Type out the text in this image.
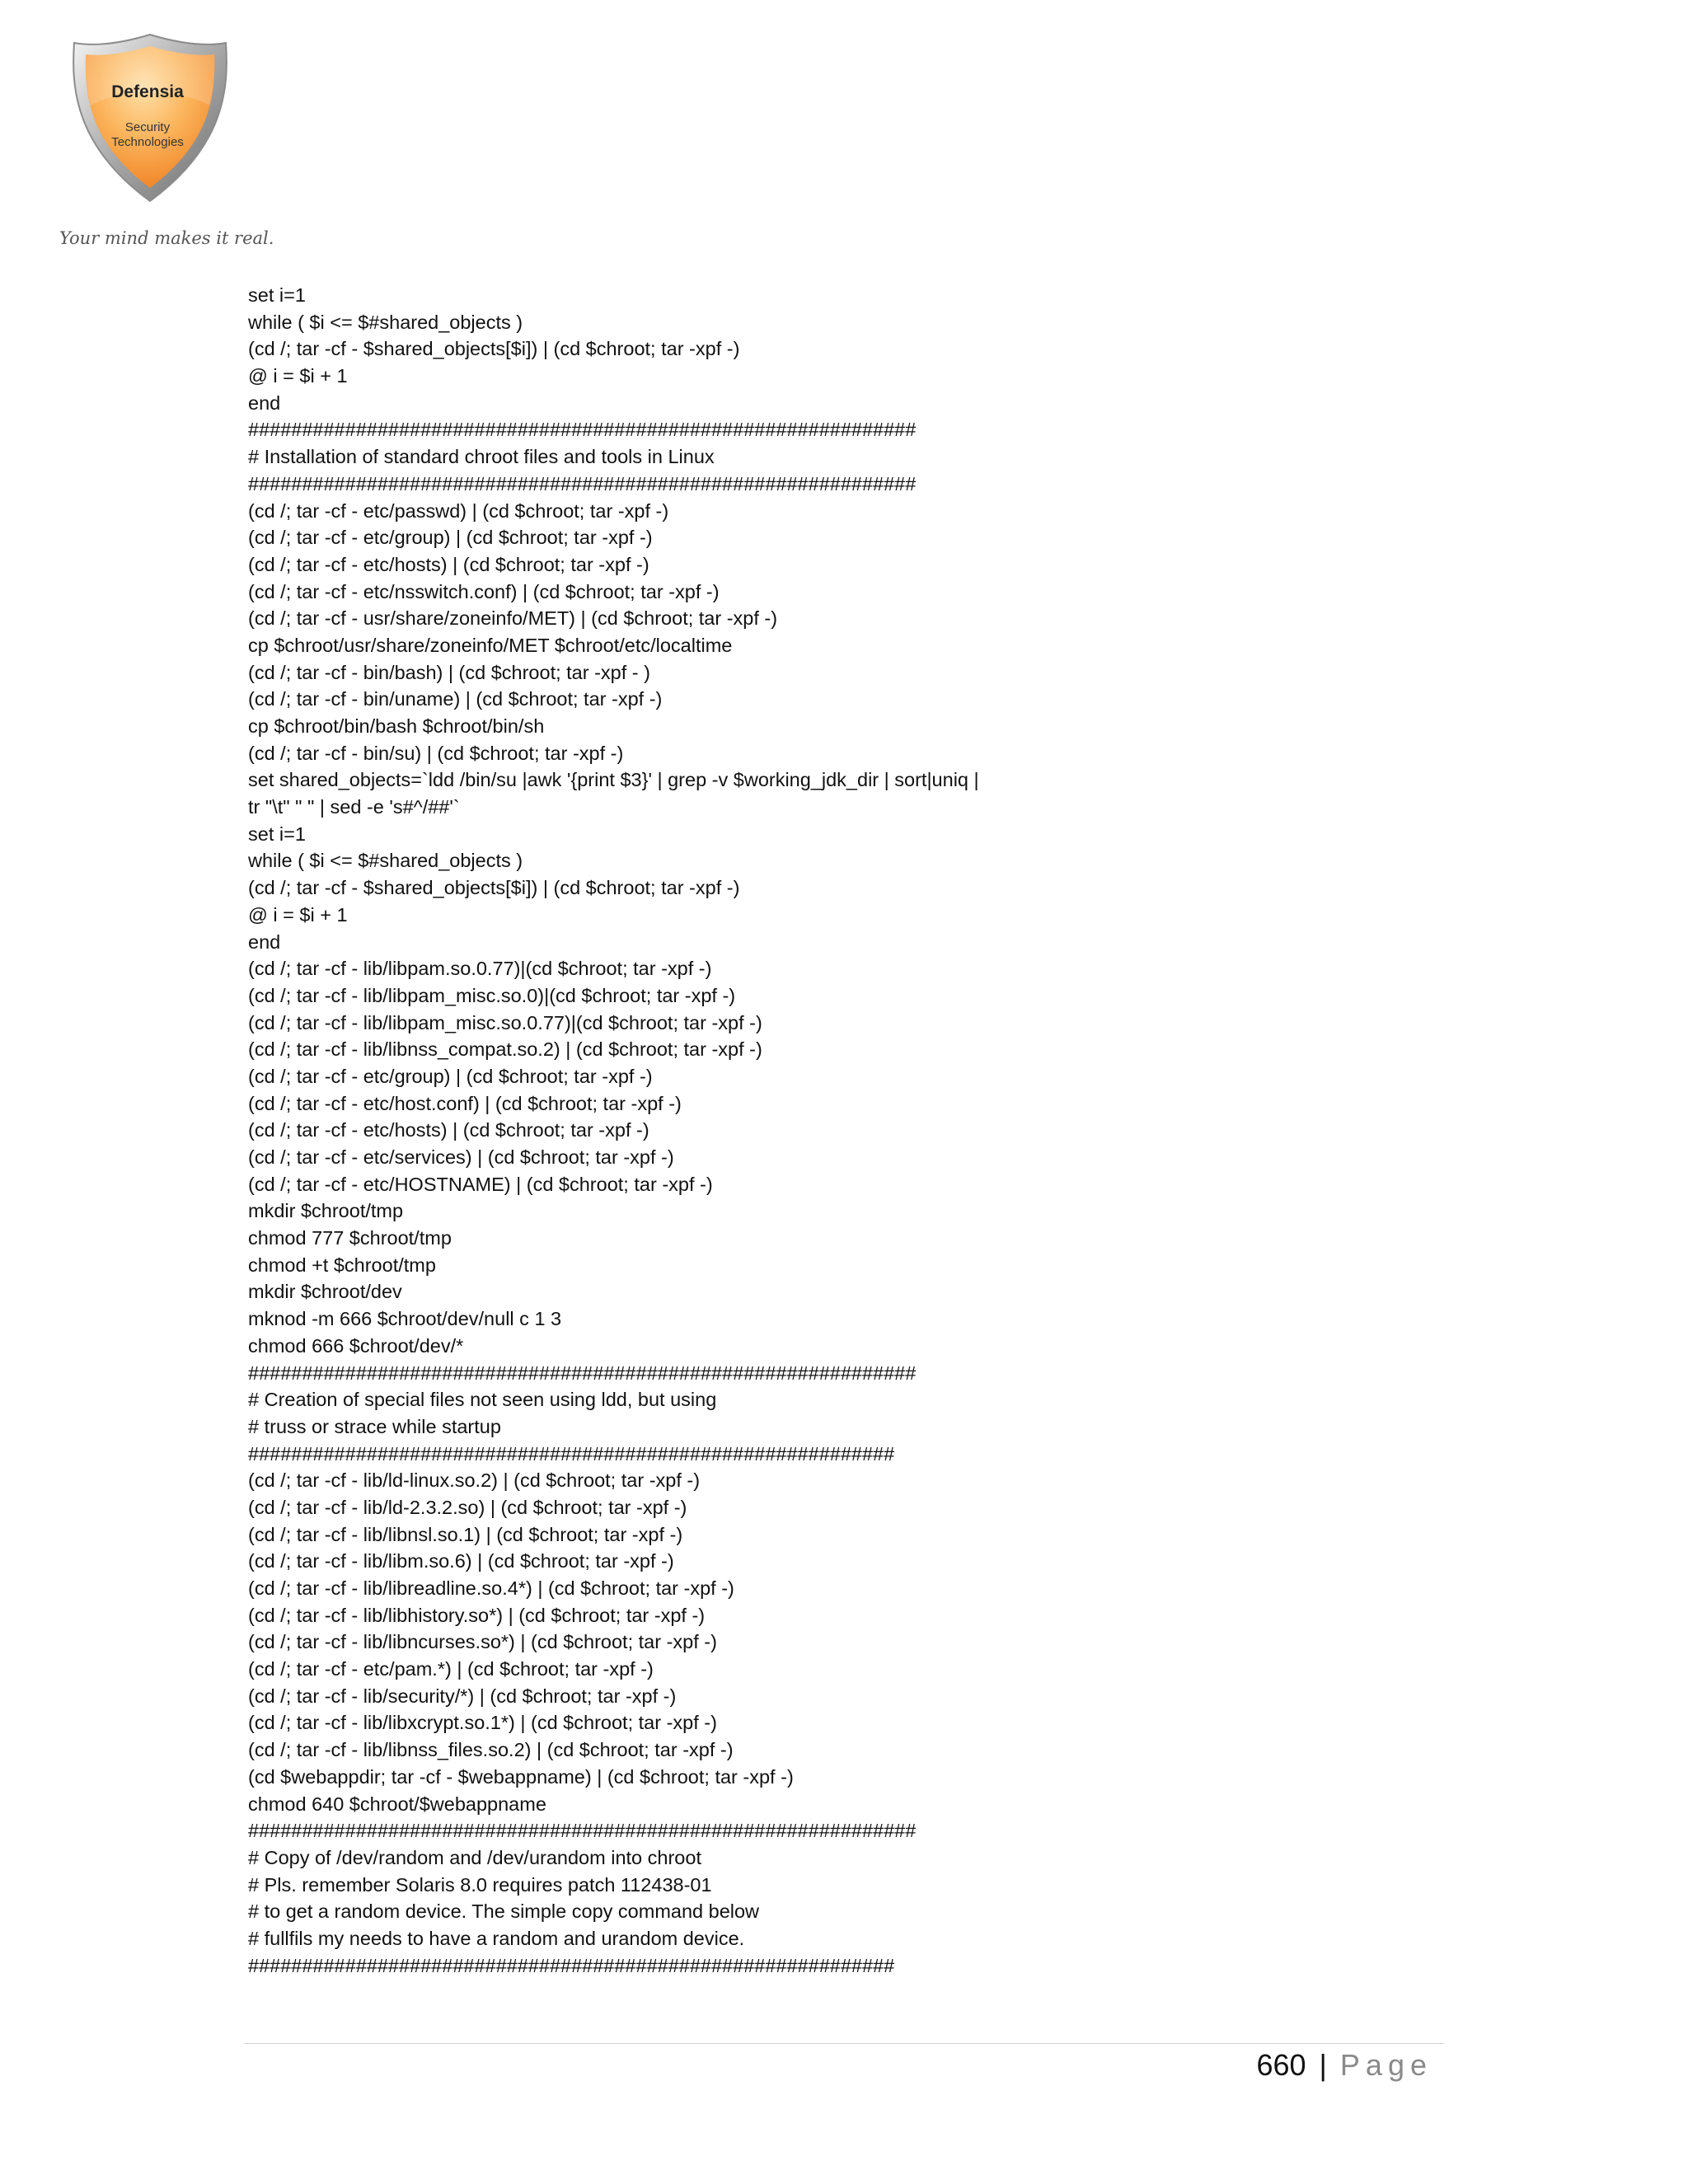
Defensia
Security
Technologies
Your mind makes it real.
set i=1
while ( $i <= $#shared_objects )
(cd /; tar -cf - $shared_objects[$i]) | (cd $chroot; tar -xpf -)
@ i = $i + 1
end
##############################################################
# Installation of standard chroot files and tools in Linux
##############################################################
(cd /; tar -cf - etc/passwd) | (cd $chroot; tar -xpf -)
(cd /; tar -cf - etc/group) | (cd $chroot; tar -xpf -)
(cd /; tar -cf - etc/hosts) | (cd $chroot; tar -xpf -)
(cd /; tar -cf - etc/nsswitch.conf) | (cd $chroot; tar -xpf -)
(cd /; tar -cf - usr/share/zoneinfo/MET) | (cd $chroot; tar -xpf -)
cp $chroot/usr/share/zoneinfo/MET $chroot/etc/localtime
(cd /; tar -cf - bin/bash) | (cd $chroot; tar -xpf - )
(cd /; tar -cf - bin/uname) | (cd $chroot; tar -xpf -)
cp $chroot/bin/bash $chroot/bin/sh
(cd /; tar -cf - bin/su) | (cd $chroot; tar -xpf -)
set shared_objects=`ldd /bin/su |awk '{print $3}' | grep -v $working_jdk_dir | sort|uniq |
tr "\t" " " | sed -e 's#^/##'`
set i=1
while ( $i <= $#shared_objects )
(cd /; tar -cf - $shared_objects[$i]) | (cd $chroot; tar -xpf -)
@ i = $i + 1
end
(cd /; tar -cf - lib/libpam.so.0.77)|(cd $chroot; tar -xpf -)
(cd /; tar -cf - lib/libpam_misc.so.0)|(cd $chroot; tar -xpf -)
(cd /; tar -cf - lib/libpam_misc.so.0.77)|(cd $chroot; tar -xpf -)
(cd /; tar -cf - lib/libnss_compat.so.2) | (cd $chroot; tar -xpf -)
(cd /; tar -cf - etc/group) | (cd $chroot; tar -xpf -)
(cd /; tar -cf - etc/host.conf) | (cd $chroot; tar -xpf -)
(cd /; tar -cf - etc/hosts) | (cd $chroot; tar -xpf -)
(cd /; tar -cf - etc/services) | (cd $chroot; tar -xpf -)
(cd /; tar -cf - etc/HOSTNAME) | (cd $chroot; tar -xpf -)
mkdir $chroot/tmp
chmod 777 $chroot/tmp
chmod +t $chroot/tmp
mkdir $chroot/dev
mknod -m 666 $chroot/dev/null c 1 3
chmod 666 $chroot/dev/*
##############################################################
# Creation of special files not seen using ldd, but using
# truss or strace while startup
############################################################
(cd /; tar -cf - lib/ld-linux.so.2) | (cd $chroot; tar -xpf -)
(cd /; tar -cf - lib/ld-2.3.2.so) | (cd $chroot; tar -xpf -)
(cd /; tar -cf - lib/libnsl.so.1) | (cd $chroot; tar -xpf -)
(cd /; tar -cf - lib/libm.so.6) | (cd $chroot; tar -xpf -)
(cd /; tar -cf - lib/libreadline.so.4*) | (cd $chroot; tar -xpf -)
(cd /; tar -cf - lib/libhistory.so*) | (cd $chroot; tar -xpf -)
(cd /; tar -cf - lib/libncurses.so*) | (cd $chroot; tar -xpf -)
(cd /; tar -cf - etc/pam.*) | (cd $chroot; tar -xpf -)
(cd /; tar -cf - lib/security/*) | (cd $chroot; tar -xpf -)
(cd /; tar -cf - lib/libxcrypt.so.1*) | (cd $chroot; tar -xpf -)
(cd /; tar -cf - lib/libnss_files.so.2) | (cd $chroot; tar -xpf -)
(cd $webappdir; tar -cf - $webappname) | (cd $chroot; tar -xpf -)
chmod 640 $chroot/$webappname
##############################################################
# Copy of /dev/random and /dev/urandom into chroot
# Pls. remember Solaris 8.0 requires patch 112438-01
# to get a random device. The simple copy command below
# fullfils my needs to have a random and urandom device.
############################################################
660 | Page
